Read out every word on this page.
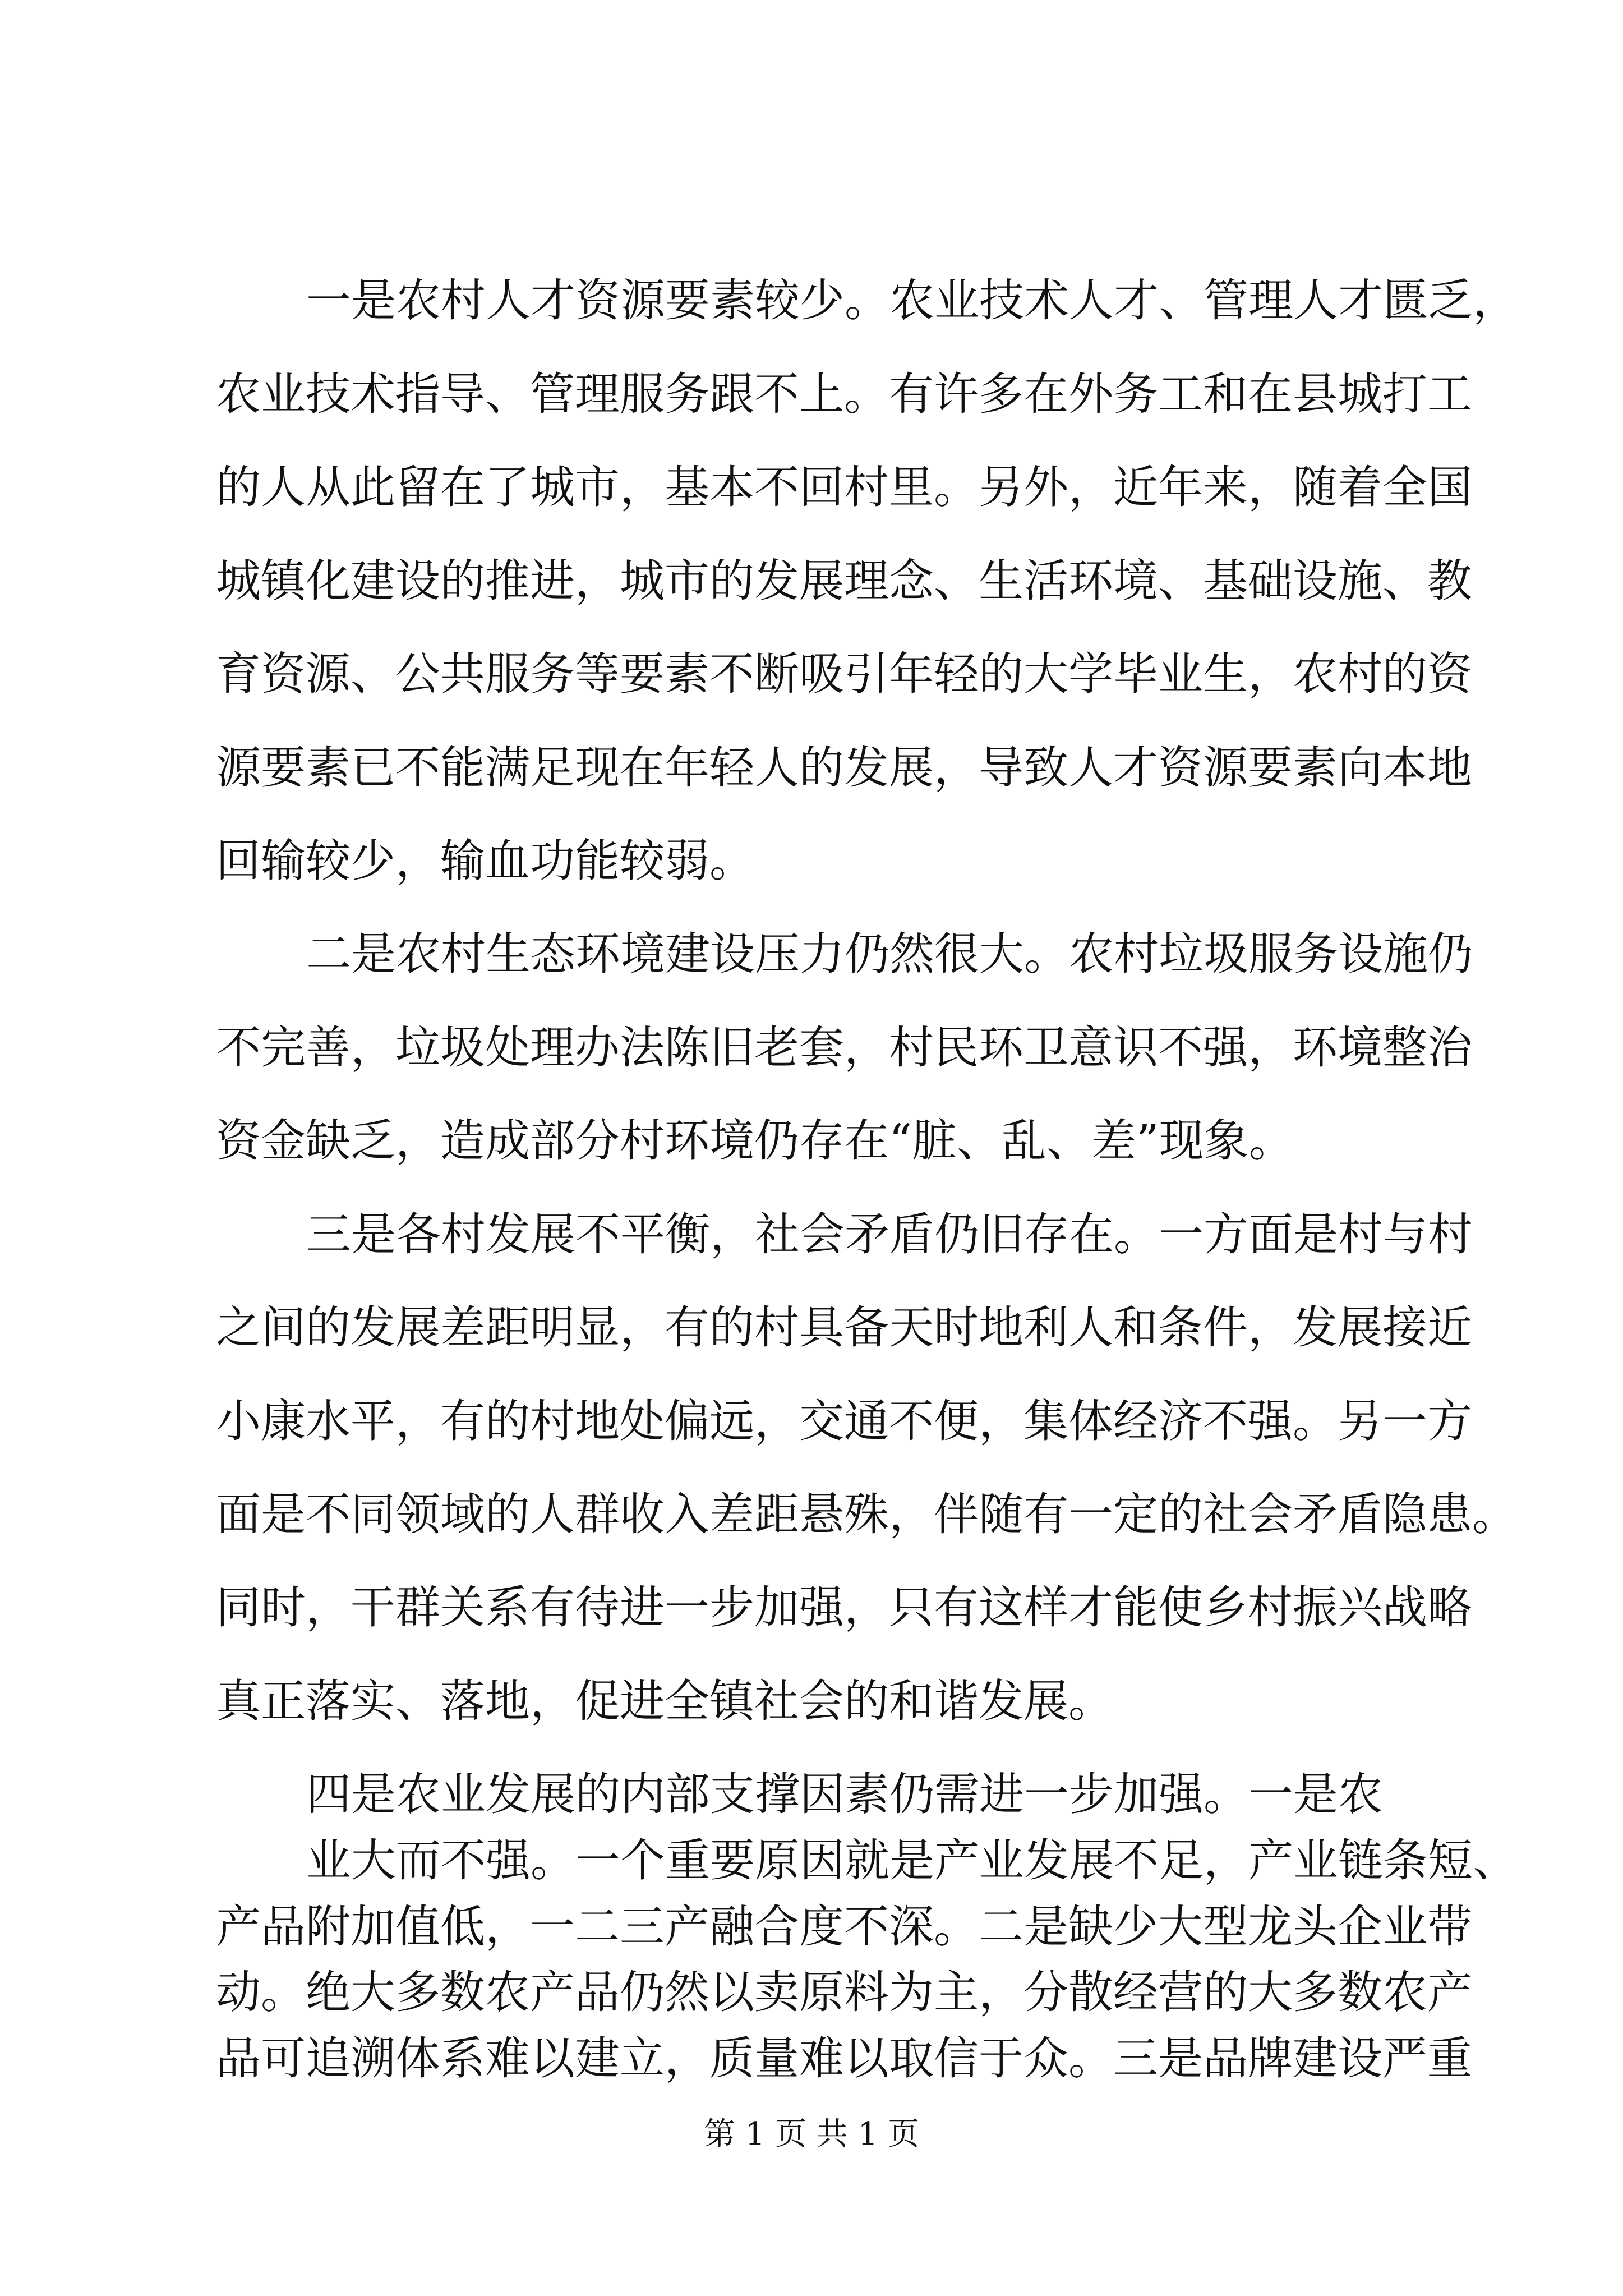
一是农村人才资源要素较少。农业技术人才、管理人才匮乏，
农业技术指导、管理服务跟不上。有许多在外务工和在县城打工
的人从此留在了城市，基本不回村里。另外，近年来，随着全国
城镇化建设的推进，城市的发展理念、生活环境、基础设施、教
育资源、公共服务等要素不断吸引年轻的大学毕业生，农村的资
源要素已不能满足现在年轻人的发展，导致人才资源要素向本地
回输较少，输血功能较弱。
二是农村生态环境建设压力仍然很大。农村垃圾服务设施仍
不完善，垃圾处理办法陈旧老套，村民环卫意识不强，环境整治
资金缺乏，造成部分村环境仍存在“脏、乱、差”现象。
三是各村发展不平衡，社会矛盾仍旧存在。一方面是村与村
之间的发展差距明显，有的村具备天时地利人和条件，发展接近
小康水平，有的村地处偏远，交通不便，集体经济不强。另一方
面是不同领域的人群收入差距悬殊，伴随有一定的社会矛盾隐患。
同时，干群关系有待进一步加强，只有这样才能使乡村振兴战略
真正落实、落地，促进全镇社会的和谐发展。
四是农业发展的内部支撑因素仍需进一步加强。一是农
业大而不强。一个重要原因就是产业发展不足，产业链条短、
产品附加值低，一二三产融合度不深。二是缺少大型龙头企业带
动。绝大多数农产品仍然以卖原料为主，分散经营的大多数农产
品可追溯体系难以建立，质量难以取信于众。三是品牌建设严重
第 1 页 共 1 页
